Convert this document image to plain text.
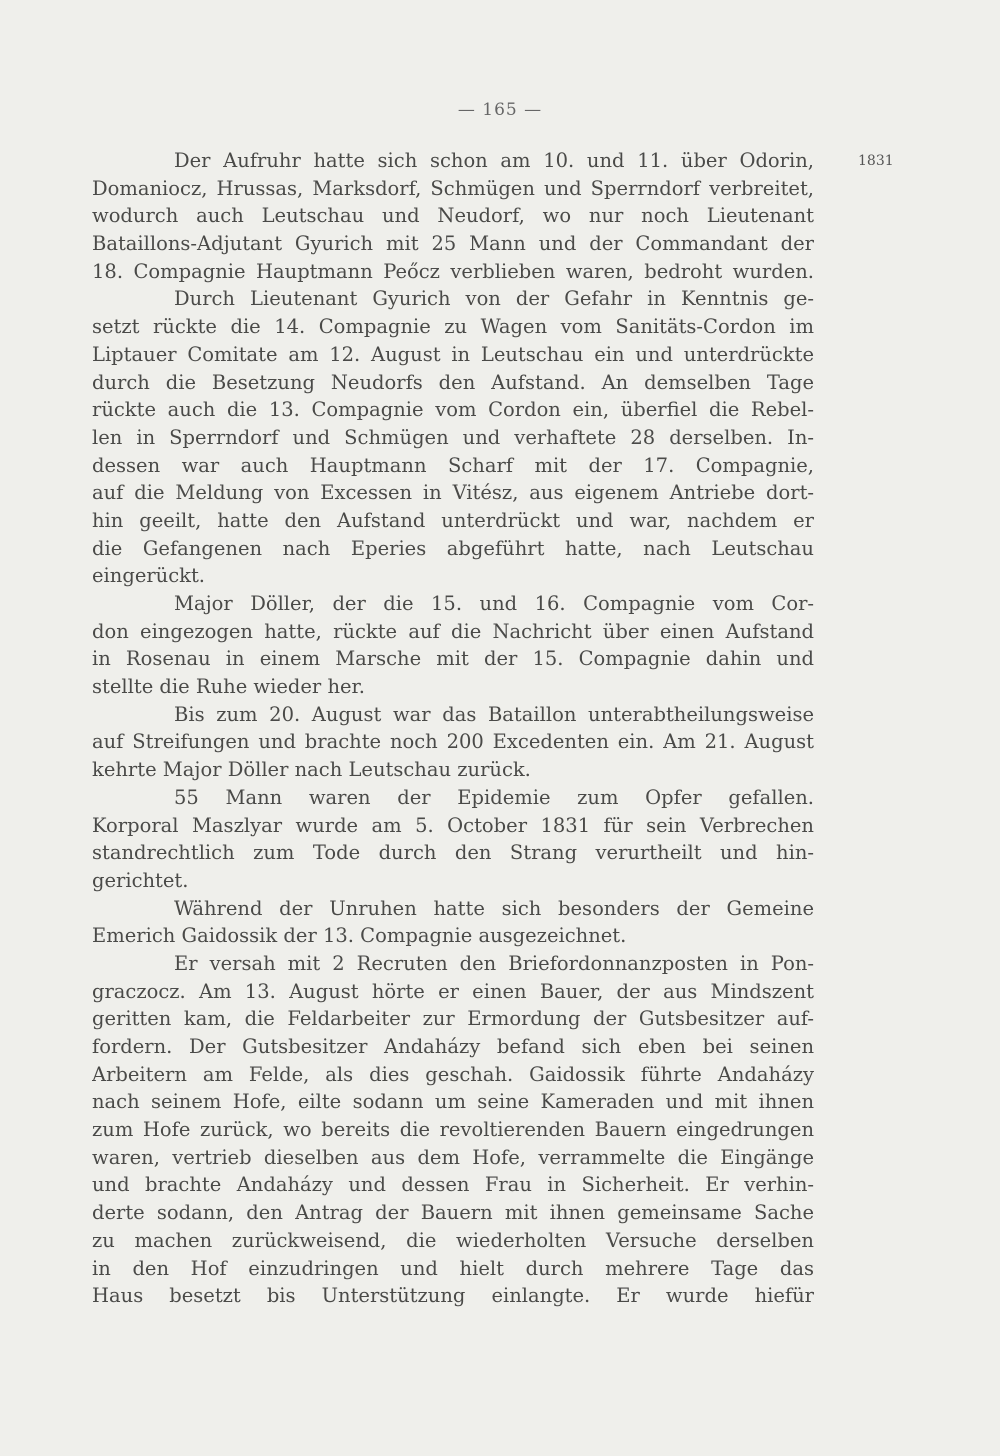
— 165 —
1831
Der Aufruhr hatte sich schon am 10. und 11. über Odorin,
Domaniocz, Hrussas, Marksdorf, Schmügen und Sperrndorf verbreitet,
wodurch auch Leutschau und Neudorf, wo nur noch Lieutenant
Bataillons-Adjutant Gyurich mit 25 Mann und der Commandant der
18. Compagnie Hauptmann Peőcz verblieben waren, bedroht wurden.
Durch Lieutenant Gyurich von der Gefahr in Kenntnis ge-
setzt rückte die 14. Compagnie zu Wagen vom Sanitäts-Cordon im
Liptauer Comitate am 12. August in Leutschau ein und unterdrückte
durch die Besetzung Neudorfs den Aufstand. An demselben Tage
rückte auch die 13. Compagnie vom Cordon ein, überfiel die Rebel-
len in Sperrndorf und Schmügen und verhaftete 28 derselben. In-
dessen war auch Hauptmann Scharf mit der 17. Compagnie,
auf die Meldung von Excessen in Vitész, aus eigenem Antriebe dort-
hin geeilt, hatte den Aufstand unterdrückt und war, nachdem er
die Gefangenen nach Eperies abgeführt hatte, nach Leutschau
eingerückt.
Major Döller, der die 15. und 16. Compagnie vom Cor-
don eingezogen hatte, rückte auf die Nachricht über einen Aufstand
in Rosenau in einem Marsche mit der 15. Compagnie dahin und
stellte die Ruhe wieder her.
Bis zum 20. August war das Bataillon unterabtheilungsweise
auf Streifungen und brachte noch 200 Excedenten ein. Am 21. August
kehrte Major Döller nach Leutschau zurück.
55 Mann waren der Epidemie zum Opfer gefallen.
Korporal Maszlyar wurde am 5. October 1831 für sein Verbrechen
standrechtlich zum Tode durch den Strang verurtheilt und hin-
gerichtet.
Während der Unruhen hatte sich besonders der Gemeine
Emerich Gaidossik der 13. Compagnie ausgezeichnet.
Er versah mit 2 Recruten den Briefordonnanzposten in Pon-
graczocz. Am 13. August hörte er einen Bauer, der aus Mindszent
geritten kam, die Feldarbeiter zur Ermordung der Gutsbesitzer auf-
fordern. Der Gutsbesitzer Andaházy befand sich eben bei seinen
Arbeitern am Felde, als dies geschah. Gaidossik führte Andaházy
nach seinem Hofe, eilte sodann um seine Kameraden und mit ihnen
zum Hofe zurück, wo bereits die revoltierenden Bauern eingedrungen
waren, vertrieb dieselben aus dem Hofe, verrammelte die Eingänge
und brachte Andaházy und dessen Frau in Sicherheit. Er verhin-
derte sodann, den Antrag der Bauern mit ihnen gemeinsame Sache
zu machen zurückweisend, die wiederholten Versuche derselben
in den Hof einzudringen und hielt durch mehrere Tage das
Haus besetzt bis Unterstützung einlangte. Er wurde hiefür
